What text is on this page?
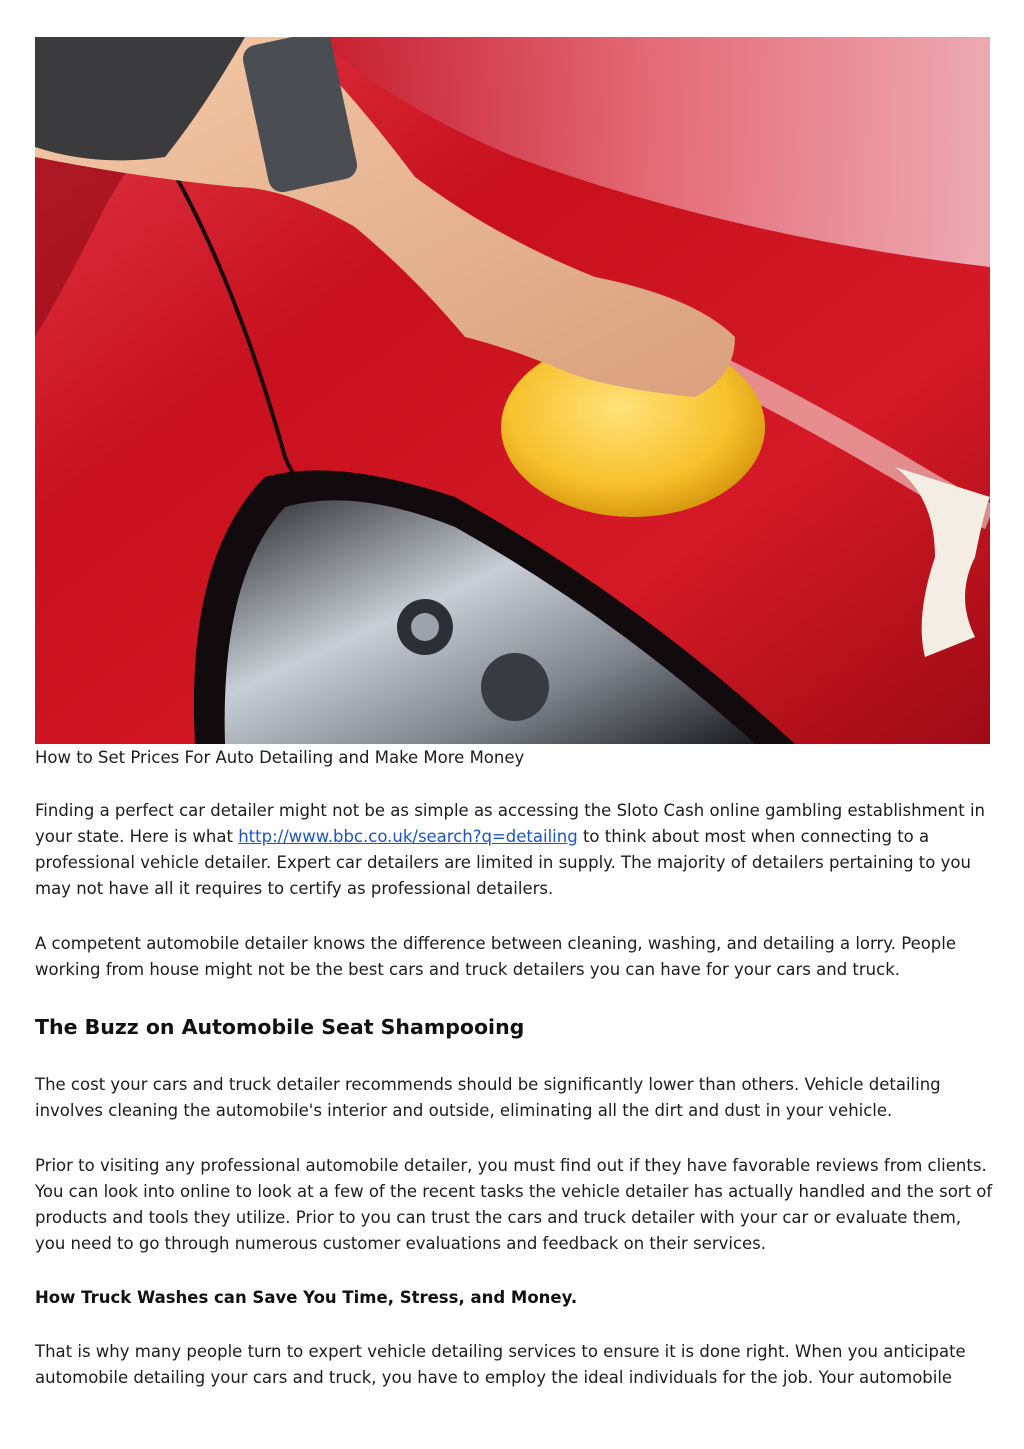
How to Set Prices For Auto Detailing and Make More Money

Finding a perfect car detailer might not be as simple as accessing the Sloto Cash online gambling establishment in your state. Here is what http://www.bbc.co.uk/search?q=detailing to think about most when connecting to a professional vehicle detailer. Expert car detailers are limited in supply. The majority of detailers pertaining to you may not have all it requires to certify as professional detailers.

A competent automobile detailer knows the difference between cleaning, washing, and detailing a lorry. People working from house might not be the best cars and truck detailers you can have for your cars and truck.

The Buzz on Automobile Seat Shampooing

The cost your cars and truck detailer recommends should be significantly lower than others. Vehicle detailing involves cleaning the automobile's interior and outside, eliminating all the dirt and dust in your vehicle.

Prior to visiting any professional automobile detailer, you must find out if they have favorable reviews from clients. You can look into online to look at a few of the recent tasks the vehicle detailer has actually handled and the sort of products and tools they utilize. Prior to you can trust the cars and truck detailer with your car or evaluate them, you need to go through numerous customer evaluations and feedback on their services.

How Truck Washes can Save You Time, Stress, and Money.

That is why many people turn to expert vehicle detailing services to ensure it is done right. When you anticipate automobile detailing your cars and truck, you have to employ the ideal individuals for the job. Your automobile
